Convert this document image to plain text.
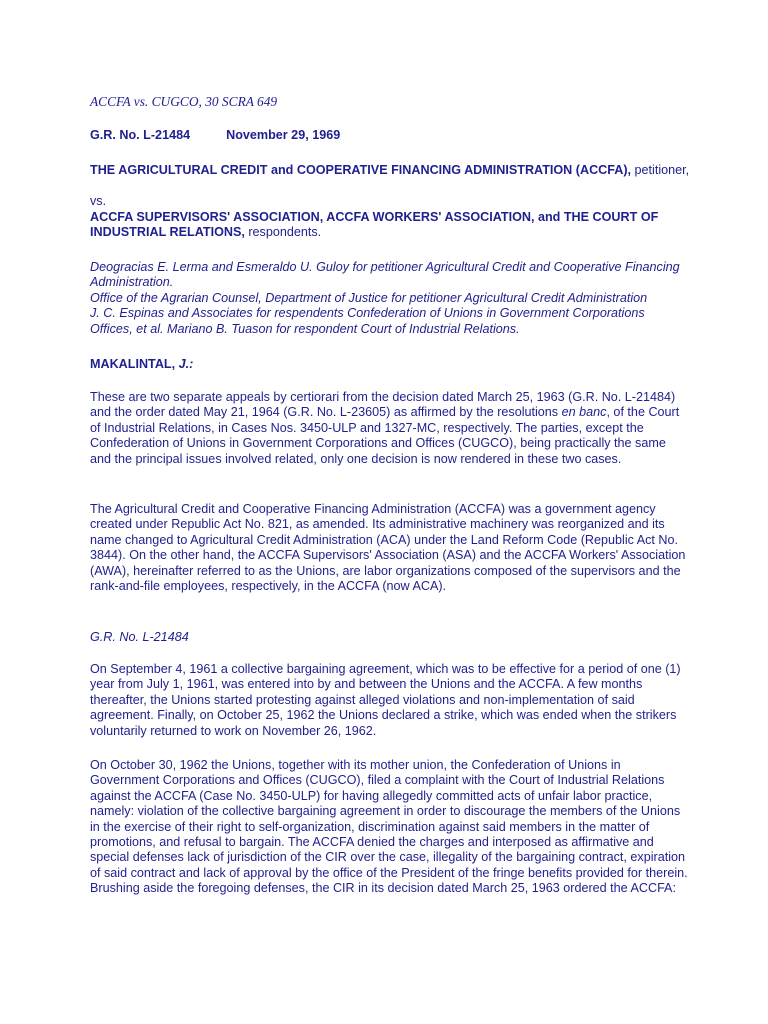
ACCFA vs. CUGCO, 30 SCRA 649

G.R. No. L-21484	November 29, 1969

THE AGRICULTURAL CREDIT and COOPERATIVE FINANCING ADMINISTRATION (ACCFA), petitioner,

vs.

ACCFA SUPERVISORS' ASSOCIATION, ACCFA WORKERS' ASSOCIATION, and THE COURT OF INDUSTRIAL RELATIONS, respondents.

Deogracias E. Lerma and Esmeraldo U. Guloy for petitioner Agricultural Credit and Cooperative Financing Administration.
Office of the Agrarian Counsel, Department of Justice for petitioner Agricultural Credit Administration
J. C. Espinas and Associates for respendents Confederation of Unions in Government Corporations Offices, et al. Mariano B. Tuason for respondent Court of Industrial Relations.

MAKALINTAL, J.:

These are two separate appeals by certiorari from the decision dated March 25, 1963 (G.R. No. L-21484) and the order dated May 21, 1964 (G.R. No. L-23605) as affirmed by the resolutions en banc, of the Court of Industrial Relations, in Cases Nos. 3450-ULP and 1327-MC, respectively. The parties, except the Confederation of Unions in Government Corporations and Offices (CUGCO), being practically the same and the principal issues involved related, only one decision is now rendered in these two cases.

The Agricultural Credit and Cooperative Financing Administration (ACCFA) was a government agency created under Republic Act No. 821, as amended. Its administrative machinery was reorganized and its name changed to Agricultural Credit Administration (ACA) under the Land Reform Code (Republic Act No. 3844). On the other hand, the ACCFA Supervisors' Association (ASA) and the ACCFA Workers' Association (AWA), hereinafter referred to as the Unions, are labor organizations composed of the supervisors and the rank-and-file employees, respectively, in the ACCFA (now ACA).

G.R. No. L-21484

On September 4, 1961 a collective bargaining agreement, which was to be effective for a period of one (1) year from July 1, 1961, was entered into by and between the Unions and the ACCFA. A few months thereafter, the Unions started protesting against alleged violations and non-implementation of said agreement. Finally, on October 25, 1962 the Unions declared a strike, which was ended when the strikers voluntarily returned to work on November 26, 1962.

On October 30, 1962 the Unions, together with its mother union, the Confederation of Unions in Government Corporations and Offices (CUGCO), filed a complaint with the Court of Industrial Relations against the ACCFA (Case No. 3450-ULP) for having allegedly committed acts of unfair labor practice, namely: violation of the collective bargaining agreement in order to discourage the members of the Unions in the exercise of their right to self-organization, discrimination against said members in the matter of promotions, and refusal to bargain. The ACCFA denied the charges and interposed as affirmative and special defenses lack of jurisdiction of the CIR over the case, illegality of the bargaining contract, expiration of said contract and lack of approval by the office of the President of the fringe benefits provided for therein. Brushing aside the foregoing defenses, the CIR in its decision dated March 25, 1963 ordered the ACCFA:
